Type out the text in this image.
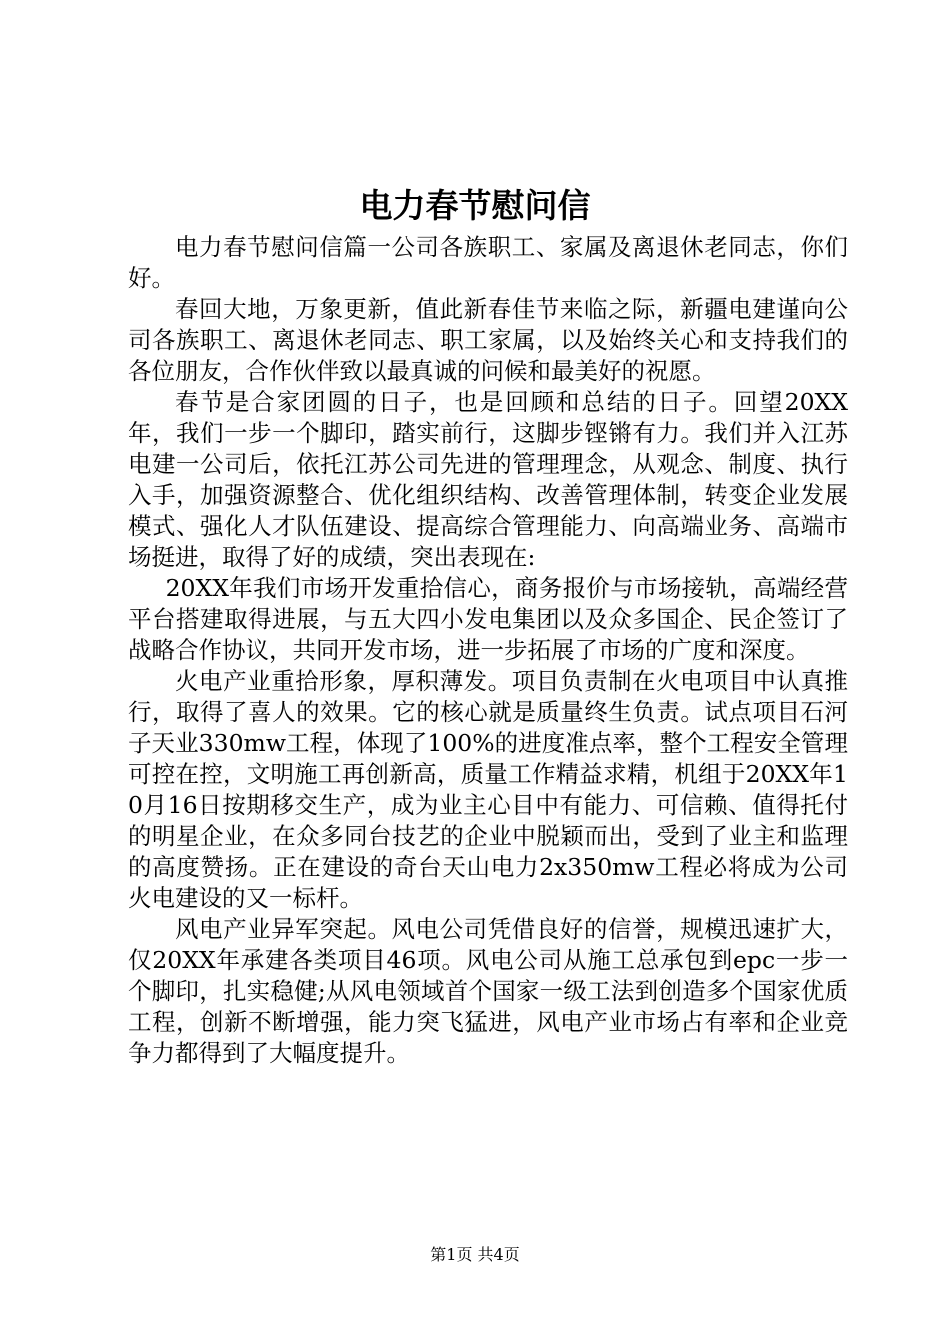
电力春节慰问信

电力春节慰问信篇一公司各族职工、家属及离退休老同志，你们好。

春回大地，万象更新，值此新春佳节来临之际，新疆电建谨向公司各族职工、离退休老同志、职工家属，以及始终关心和支持我们的各位朋友，合作伙伴致以最真诚的问候和最美好的祝愿。

春节是合家团圆的日子，也是回顾和总结的日子。回望20XX年，我们一步一个脚印，踏实前行，这脚步铿锵有力。我们并入江苏电建一公司后，依托江苏公司先进的管理理念，从观念、制度、执行入手，加强资源整合、优化组织结构、改善管理体制，转变企业发展模式、强化人才队伍建设、提高综合管理能力、向高端业务、高端市场挺进，取得了好的成绩，突出表现在:

20XX年我们市场开发重拾信心，商务报价与市场接轨，高端经营平台搭建取得进展，与五大四小发电集团以及众多国企、民企签订了战略合作协议，共同开发市场，进一步拓展了市场的广度和深度。

火电产业重拾形象，厚积薄发。项目负责制在火电项目中认真推行，取得了喜人的效果。它的核心就是质量终生负责。试点项目石河子天业330mw工程，体现了100%的进度准点率，整个工程安全管理可控在控，文明施工再创新高，质量工作精益求精，机组于20XX年10月16日按期移交生产，成为业主心目中有能力、可信赖、值得托付的明星企业，在众多同台技艺的企业中脱颖而出，受到了业主和监理的高度赞扬。正在建设的奇台天山电力2x350mw工程必将成为公司火电建设的又一标杆。

风电产业异军突起。风电公司凭借良好的信誉，规模迅速扩大，仅20XX年承建各类项目46项。风电公司从施工总承包到epc一步一个脚印，扎实稳健;从风电领域首个国家一级工法到创造多个国家优质工程，创新不断增强，能力突飞猛进，风电产业市场占有率和企业竞争力都得到了大幅度提升。

第1页 共4页
